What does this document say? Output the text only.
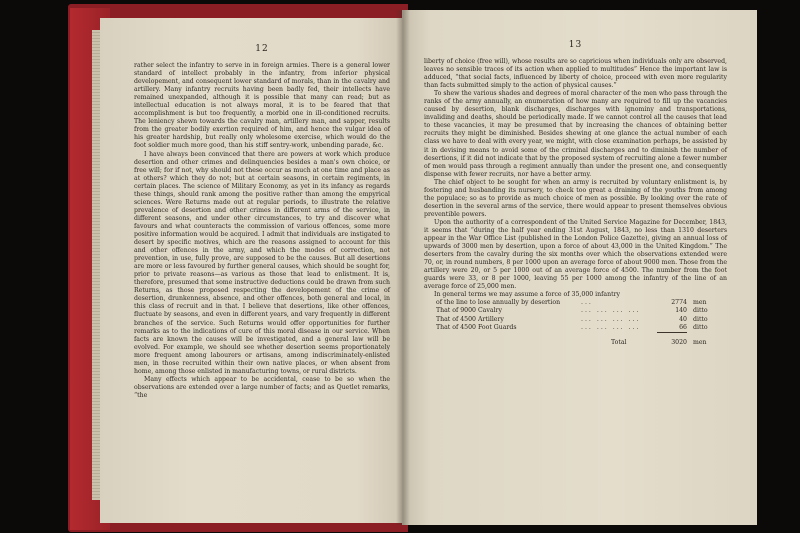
12

rather select the infantry to serve in in foreign armies. There is a general lower standard of intellect probably in the infantry, from inferior physical developement, and consequent lower standard of morals, than in the cavalry and artillery. Many infantry recruits having been badly fed, their intellects have remained unexpanded, although it is possible that many can read; but as intellectual education is not always moral, it is to be feared that that accomplishment is but too frequently, a morbid one in ill-conditioned recruits. The leniency shewn towards the cavalry man, artillery man, and sapper, results from the greater bodily exertion required of him, and hence the vulgar idea of his greater hardship, but really only wholesome exercise, which would do the foot soldier much more good, than his stiff sentry-work, unbending parade, &c.

I have always been convinced that there are powers at work which produce desertion and other crimes and delinquencies besides a man's own choice, or free will; for if not, why should not these occur as much at one time and place as at others? which they do not; but at certain seasons, in certain regiments, in certain places. The science of Military Economy, as yet in its infancy as regards these things, should rank among the positive rather than among the empyrical sciences. Were Returns made out at regular periods, to illustrate the relative prevalence of desertion and other crimes in different arms of the service, in different seasons, and under other circumstances, to try and discover what favours and what counteracts the commission of various offences, some more positive information would be acquired. I admit that individuals are instigated to desert by specific motives, which are the reasons assigned to account for this and other offences in the army, and which the modes of correction, not prevention, in use, fully prove, are supposed to be the causes. But all desertions are more or less favoured by further general causes, which should be sought for, prior to private reasons—as various as those that lead to enlistment. It is, therefore, presumed that some instructive deductions could be drawn from such Returns, as those proposed respecting the developement of the crime of desertion, drunkenness, absence, and other offences, both general and local, in this class of recruit and in that. I believe that desertions, like other offences, fluctuate by seasons, and even in different years, and vary frequently in different branches of the service. Such Returns would offer opportunities for further remarks as to the indications of cure of this moral disease in our service. When facts are known the causes will be investigated, and a general law will be evolved. For example, we should see whether desertion seems proportionately more frequent among labourers or artisans, among indiscriminately-enlisted men, in those recruited within their own native places, or when absent from home, among those enlisted in manufacturing towns, or rural districts.

Many effects which appear to be accidental, cease to be so when the observations are extended over a large number of facts; and as Quetlet remarks, “the

13

liberty of choice (free will), whose results are so capricious when individuals only are observed, leaves no sensible traces of its action when applied to multitudes” Hence the important law is adduced, “that social facts, influenced by liberty of choice, proceed with even more regularity than facts submitted simply to the action of physical causes.”

To shew the various shades and degrees of moral character of the men who pass through the ranks of the army annually, an enumeration of how many are required to fill up the vacancies caused by desertion, blank discharges, discharges with ignominy and transportations, invaliding and deaths, should be periodically made. If we cannot control all the causes that lead to these vacancies, it may be presumed that by increasing the chances of obtaining better recruits they might be diminished. Besides shewing at one glance the actual number of each class we have to deal with every year, we might, with close examination perhaps, be assisted by it in devising means to avoid some of the criminal discharges and to diminish the number of desertions, if it did not indicate that by the proposed system of recruiting alone a fewer number of men would pass through a regiment annually than under the present one, and consequently dispense with fewer recruits, nor have a better army.

The chief object to be sought for when an army is recruited by voluntary enlistment is, by fostering and husbanding its nursery, to check too great a draining of the youths from among the populace; so as to provide as much choice of men as possible. By looking over the rate of desertion in the several arms of the service, there would appear to present themselves obvious preventible powers.

Upon the authority of a correspondent of the United Service Magazine for December, 1843, it seems that “during the half year ending 31st August, 1843, no less than 1310 deserters appear in the War Office List (published in the London Police Gazette), giving an annual loss of upwards of 3000 men by desertion, upon a force of about 43,000 in the United Kingdom.” The deserters from the cavalry during the six months over which the observations extended were 70, or, in round numbers, 8 per 1000 upon an average force of about 9000 men. Those from the artillery were 20, or 5 per 1000 out of an average force of 4500. The number from the foot guards were 33, or 8 per 1000, leaving 55 per 1000 among the infantry of the line of an average force of 25,000 men.

In general terms we may assume a force of 35,000 infantry

of the line to lose annually by desertion	...	2774 men
That of 9000 Cavalry	... ... ... ...	140 ditto
That of 4500 Artillery	... ... ... ...	40 ditto
That of 4500 Foot Guards	... ... ... ...	66 ditto
Total	3020 men
